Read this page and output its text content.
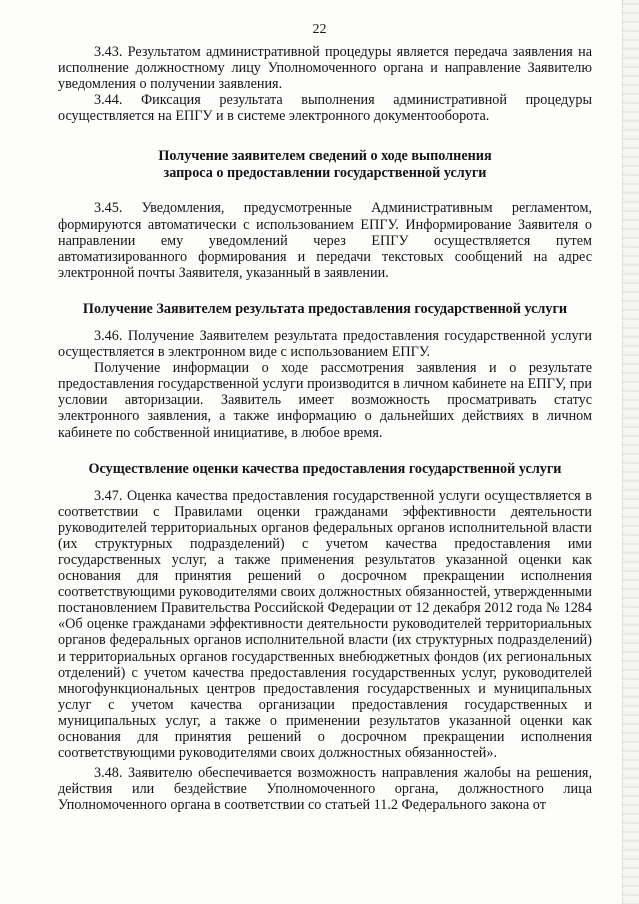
22

3.43. Результатом административной процедуры является передача заявления на исполнение должностному лицу Уполномоченного органа и направление Заявителю уведомления о получении заявления.

3.44. Фиксация результата выполнения административной процедуры осуществляется на ЕПГУ и в системе электронного документооборота.

Получение заявителем сведений о ходе выполнения
запроса о предоставлении государственной услуги

3.45. Уведомления, предусмотренные Административным регламентом, формируются автоматически с использованием ЕПГУ. Информирование Заявителя о направлении ему уведомлений через ЕПГУ осуществляется путем автоматизированного формирования и передачи текстовых сообщений на адрес электронной почты Заявителя, указанный в заявлении.

Получение Заявителем результата предоставления государственной услуги

3.46. Получение Заявителем результата предоставления государственной услуги осуществляется в электронном виде с использованием ЕПГУ.

Получение информации о ходе рассмотрения заявления и о результате предоставления государственной услуги производится в личном кабинете на ЕПГУ, при условии авторизации. Заявитель имеет возможность просматривать статус электронного заявления, а также информацию о дальнейших действиях в личном кабинете по собственной инициативе, в любое время.

Осуществление оценки качества предоставления государственной услуги

3.47. Оценка качества предоставления государственной услуги осуществляется в соответствии с Правилами оценки гражданами эффективности деятельности руководителей территориальных органов федеральных органов исполнительной власти (их структурных подразделений) с учетом качества предоставления ими государственных услуг, а также применения результатов указанной оценки как основания для принятия решений о досрочном прекращении исполнения соответствующими руководителями своих должностных обязанностей, утвержденными постановлением Правительства Российской Федерации от 12 декабря 2012 года № 1284 «Об оценке гражданами эффективности деятельности руководителей территориальных органов федеральных органов исполнительной власти (их структурных подразделений) и территориальных органов государственных внебюджетных фондов (их региональных отделений) с учетом качества предоставления государственных услуг, руководителей многофункциональных центров предоставления государственных и муниципальных услуг с учетом качества организации предоставления государственных и муниципальных услуг, а также о применении результатов указанной оценки как основания для принятия решений о досрочном прекращении исполнения соответствующими руководителями своих должностных обязанностей».

3.48. Заявителю обеспечивается возможность направления жалобы на решения, действия или бездействие Уполномоченного органа, должностного лица Уполномоченного органа в соответствии со статьей 11.2 Федерального закона от
